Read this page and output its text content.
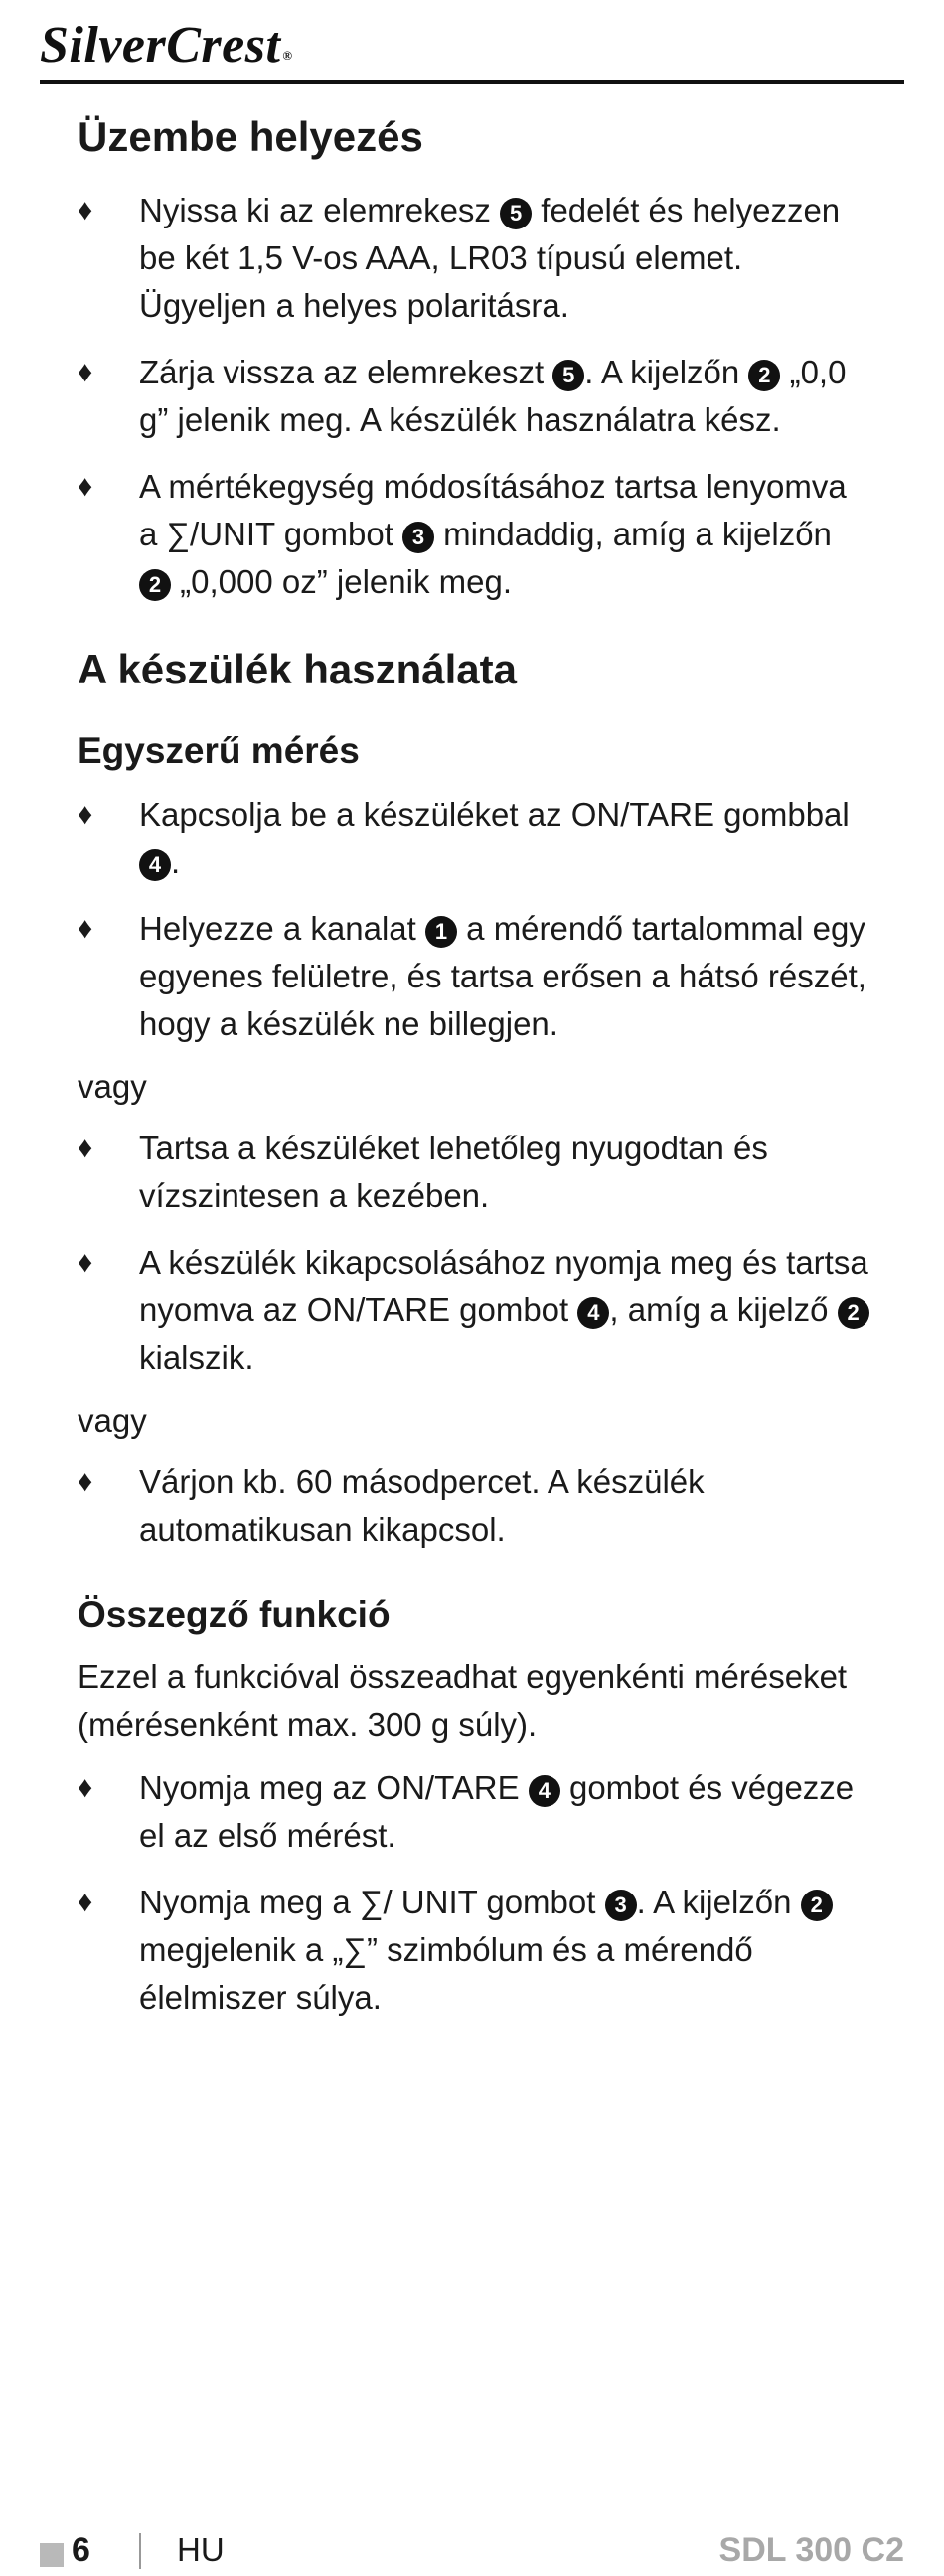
SilverCrest ®
Üzembe helyezés
♦ Nyissa ki az elemrekesz 5 fedelét és helyezzen be két 1,5 V-os AAA, LR03 típusú elemet. Ügyeljen a helyes polaritásra.
♦ Zárja vissza az elemrekeszt 5 . A kijelzőn 2 „0,0 g” jelenik meg. A készülék használatra kész.
♦ A mértékegység módosításához tartsa lenyomva a ∑/UNIT gombot 3 mindaddig, amíg a kijelzőn 2 „0,000 oz” jelenik meg.
A készülék használata
Egyszerű mérés
♦ Kapcsolja be a készüléket az ON/TARE gombbal 4 .
♦ Helyezze a kanalat 1 a mérendő tartalommal egy egyenes felületre, és tartsa erősen a hátsó részét, hogy a készülék ne billegjen.
vagy
♦ Tartsa a készüléket lehetőleg nyugodtan és vízszintesen a kezében.
♦ A készülék kikapcsolásához nyomja meg és tartsa nyomva az ON/TARE gombot 4 , amíg a kijelző 2 kialszik.
vagy
♦ Várjon kb. 60 másodpercet. A készülék automatikusan kikapcsol.
Összegző funkció
Ezzel a funkcióval összeadhat egyenkénti méréseket (mérésenként max. 300 g súly).
♦ Nyomja meg az ON/TARE 4 gombot és végezze el az első mérést.
♦ Nyomja meg a ∑/ UNIT gombot 3 . A kijelzőn 2 megjelenik a „∑” szimbólum és a mérendő élelmiszer súlya.
6	HU	SDL 300 C2
